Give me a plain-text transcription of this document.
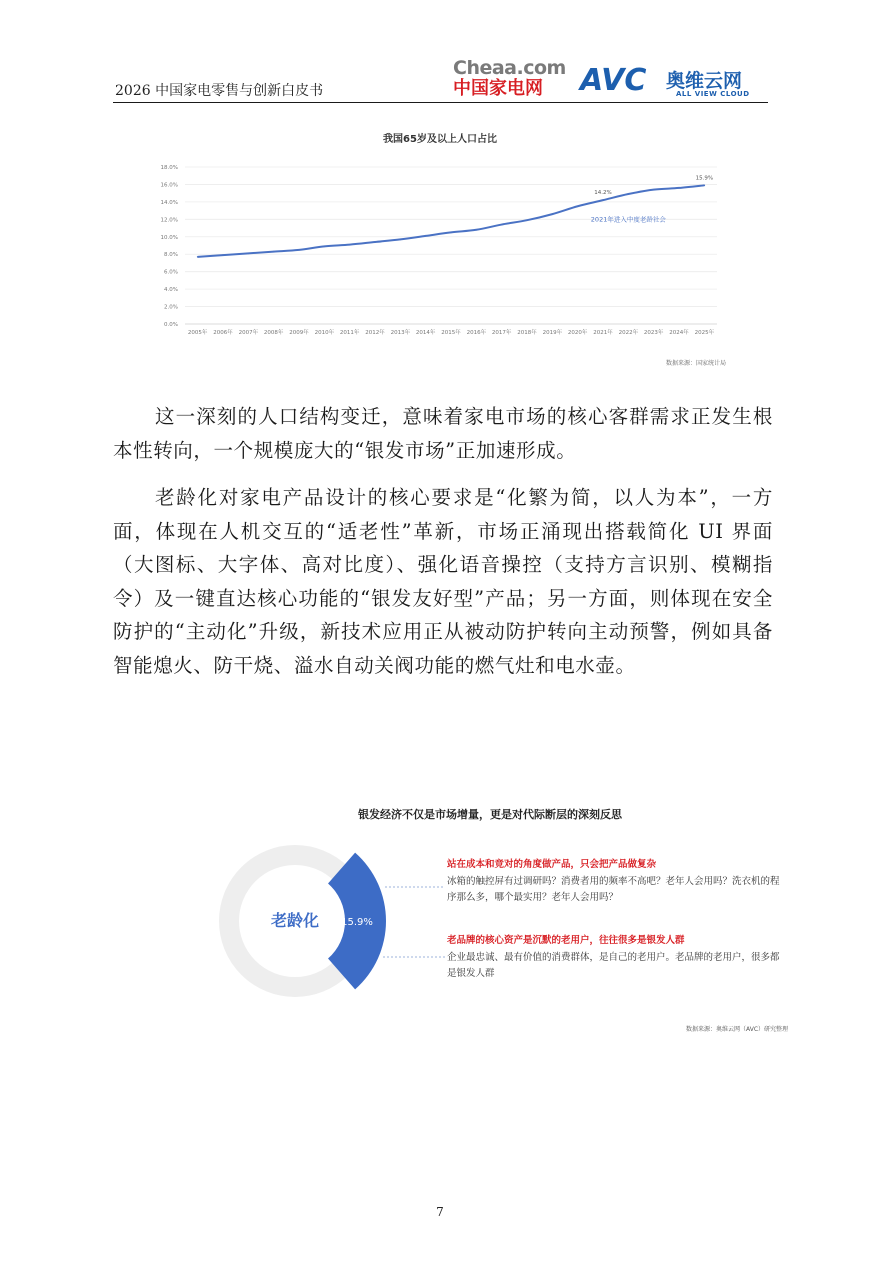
2026 中国家电零售与创新白皮书
Cheaa.com
中国家电网	AVC	奥维云网
ALL VIEW CLOUD
我国65岁及以上人口占比
0.0%
2.0%
4.0%
6.0%
8.0%
10.0%
12.0%
14.0%
16.0%
18.0%
2005年 2006年 2007年 2008年 2009年 2010年 2011年 2012年 2013年 2014年 2015年 2016年 2017年 2018年 2019年 2020年 2021年 2022年 2023年 2024年 2025年
14.2%
15.9%
2021年进入中度老龄社会
数据来源：国家统计局

这一深刻的人口结构变迁，意味着家电市场的核心客群需求正发生根本性转向，一个规模庞大的“银发市场”正加速形成。

老龄化对家电产品设计的核心要求是“化繁为简，以人为本”，一方面，体现在人机交互的“适老性”革新，市场正涌现出搭载简化 UI 界面（大图标、大字体、高对比度）、强化语音操控（支持方言识别、模糊指令）及一键直达核心功能的“银发友好型”产品；另一方面，则体现在安全防护的“主动化”升级，新技术应用正从被动防护转向主动预警，例如具备智能熄火、防干烧、溢水自动关阀功能的燃气灶和电水壶。

银发经济不仅是市场增量，更是对代际断层的深刻反思
老龄化 15.9%
站在成本和竞对的角度做产品，只会把产品做复杂
冰箱的触控屏有过调研吗？消费者用的频率不高吧？老年人会用吗？洗衣机的程序那么多，哪个最实用？老年人会用吗？
老品牌的核心资产是沉默的老用户，往往很多是银发人群
企业最忠诚、最有价值的消费群体，是自己的老用户。老品牌的老用户，很多都是银发人群
数据来源：奥维云网（AVC）研究整理
7
